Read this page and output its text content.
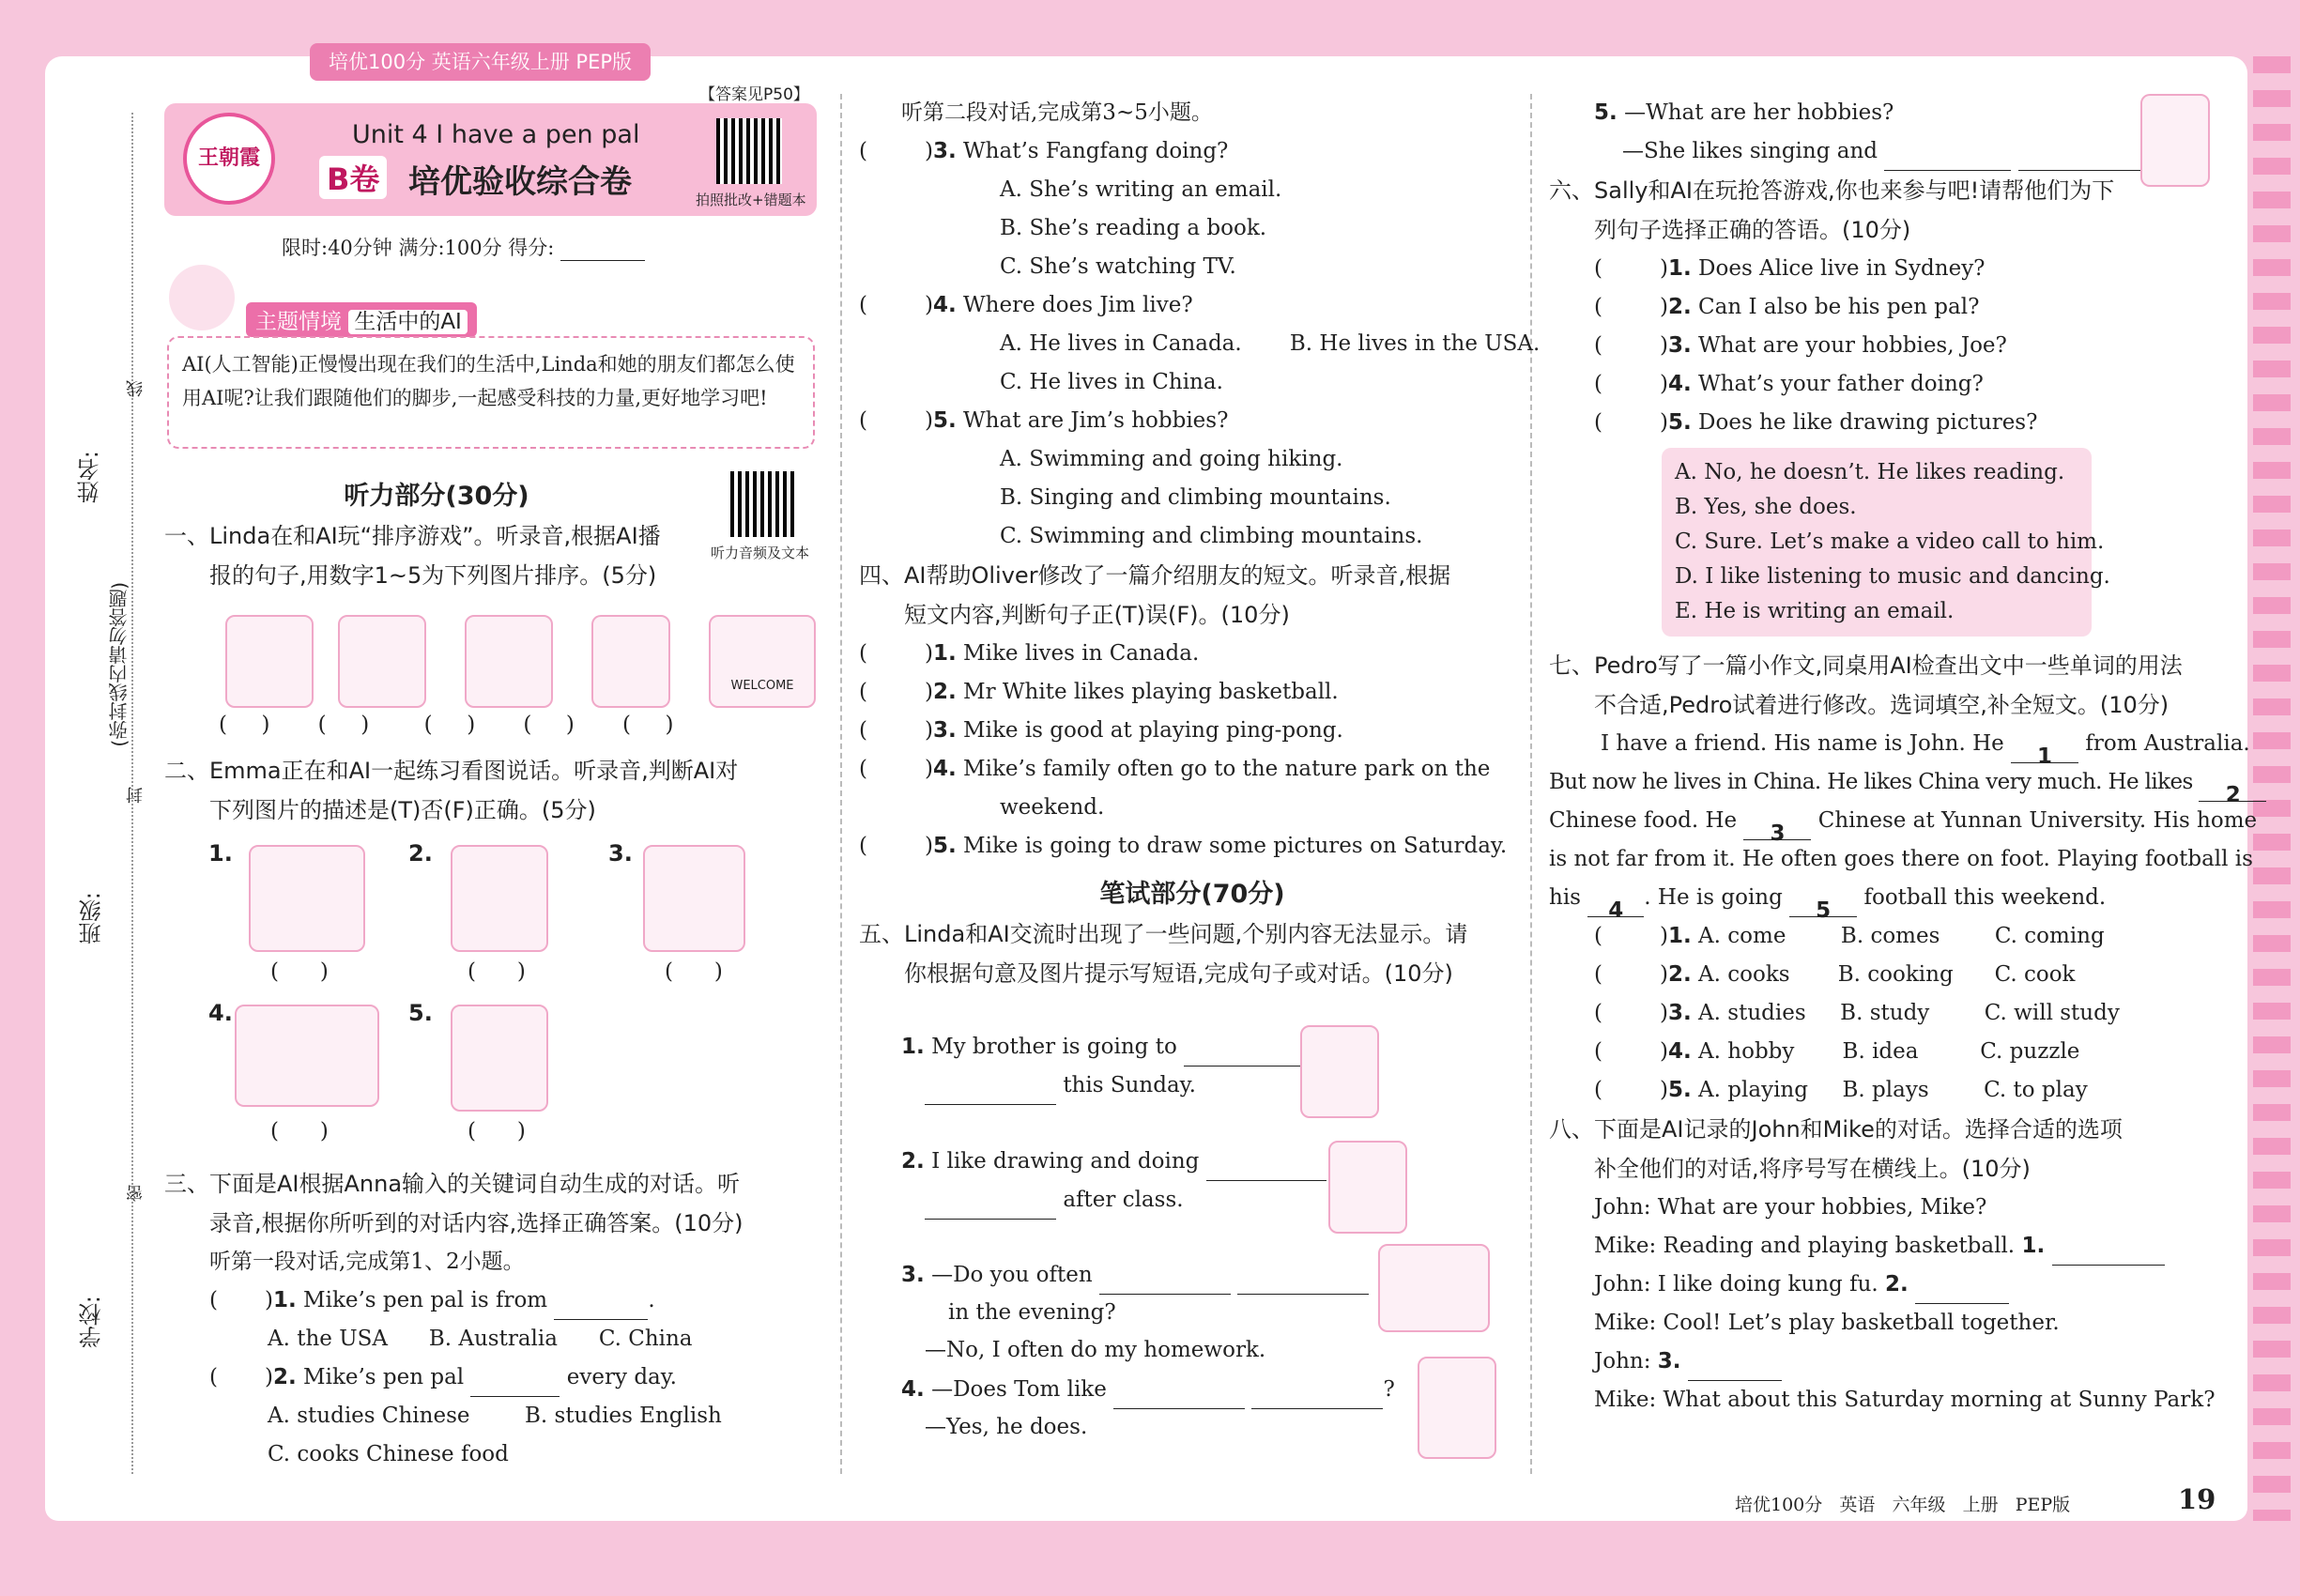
培优100分 英语六年级上册 PEP版
姓名:
班级:
学校:
(弥封线内请勿答题)
线
封
密
王朝霞
Unit 4 I have a pen pal
B卷 培优验收综合卷	拍照批改+错题本
【答案见P50】
限时:40分钟 满分:100分 得分:
主题情境 生活中的AI
AI(人工智能)正慢慢出现在我们的生活中,Linda和她的朋友们都怎么使用AI呢?让我们跟随他们的脚步,一起感受科技的力量,更好地学习吧!
听力部分(30分)
一、Linda在和AI玩“排序游戏”。听录音,根据AI播
报的句子,用数字1~5为下列图片排序。(5分)
听力音频及文本
WELCOME
(     )       (     )        (     )       (     )       (     )
二、Emma正在和AI一起练习看图说话。听录音,判断AI对
下列图片的描述是(T)否(F)正确。(5分)
1.	2.	3.
(      )	(      )	(      )
4.	5.
(      )	(      )
三、下面是AI根据Anna输入的关键词自动生成的对话。听
录音,根据你所听到的对话内容,选择正确答案。(10分)
听第一段对话,完成第1、2小题。
( )1. Mike’s pen pal is from	.
A. the USA      B. Australia      C. China
( )2. Mike’s pen pal	every day.
A. studies Chinese        B. studies English
C. cooks Chinese food
听第二段对话,完成第3~5小题。
(	)3. What’s Fangfang doing?
A. She’s writing an email.
B. She’s reading a book.
C. She’s watching TV.
(	)4. Where does Jim live?
A. He lives in Canada.       B. He lives in the USA.
C. He lives in China.
(	)5. What are Jim’s hobbies?
A. Swimming and going hiking.
B. Singing and climbing mountains.
C. Swimming and climbing mountains.
四、AI帮助Oliver修改了一篇介绍朋友的短文。听录音,根据
短文内容,判断句子正(T)误(F)。(10分)
(	)1. Mike lives in Canada.
(	)2. Mr White likes playing basketball.
(	)3. Mike is good at playing ping-pong.
(	)4. Mike’s family often go to the nature park on the
weekend.
(	)5. Mike is going to draw some pictures on Saturday.
笔试部分(70分)
五、Linda和AI交流时出现了一些问题,个别内容无法显示。请
你根据句意及图片提示写短语,完成句子或对话。(10分)
1. My brother is going to
this Sunday.
2. I like drawing and doing
after class.
3. —Do you often
in the evening?
—No, I often do my homework.
4. —Does Tom like	?
—Yes, he does.
5. —What are her hobbies?
—She likes singing and
六、Sally和AI在玩抢答游戏,你也来参与吧!请帮他们为下
列句子选择正确的答语。(10分)
(	)1. Does Alice live in Sydney?
(	)2. Can I also be his pen pal?
(	)3. What are your hobbies, Joe?
(	)4. What’s your father doing?
(	)5. Does he like drawing pictures?
A. No, he doesn’t. He likes reading.
B. Yes, she does.
C. Sure. Let’s make a video call to him.
D. I like listening to music and dancing.
E. He is writing an email.
七、Pedro写了一篇小作文,同桌用AI检查出文中一些单词的用法
不合适,Pedro试着进行修改。选词填空,补全短文。(10分)
I have a friend. His name is John. He 1 from Australia.
But now he lives in China. He likes China very much. He likes 2
Chinese food. He 3 Chinese at Yunnan University. His home
is not far from it. He often goes there on foot. Playing football is
his 4. He is going 5 football this weekend.
(	)1. A. come        B. comes        C. coming
(	)2. A. cooks       B. cooking      C. cook
(	)3. A. studies     B. study        C. will study
(	)4. A. hobby       B. idea         C. puzzle
(	)5. A. playing     B. plays        C. to play
八、下面是AI记录的John和Mike的对话。选择合适的选项
补全他们的对话,将序号写在横线上。(10分)
John: What are your hobbies, Mike?
Mike: Reading and playing basketball. 1.
John: I like doing kung fu. 2.
Mike: Cool! Let’s play basketball together.
John: 3.
Mike: What about this Saturday morning at Sunny Park?
培优100分   英语   六年级   上册   PEP版	19
